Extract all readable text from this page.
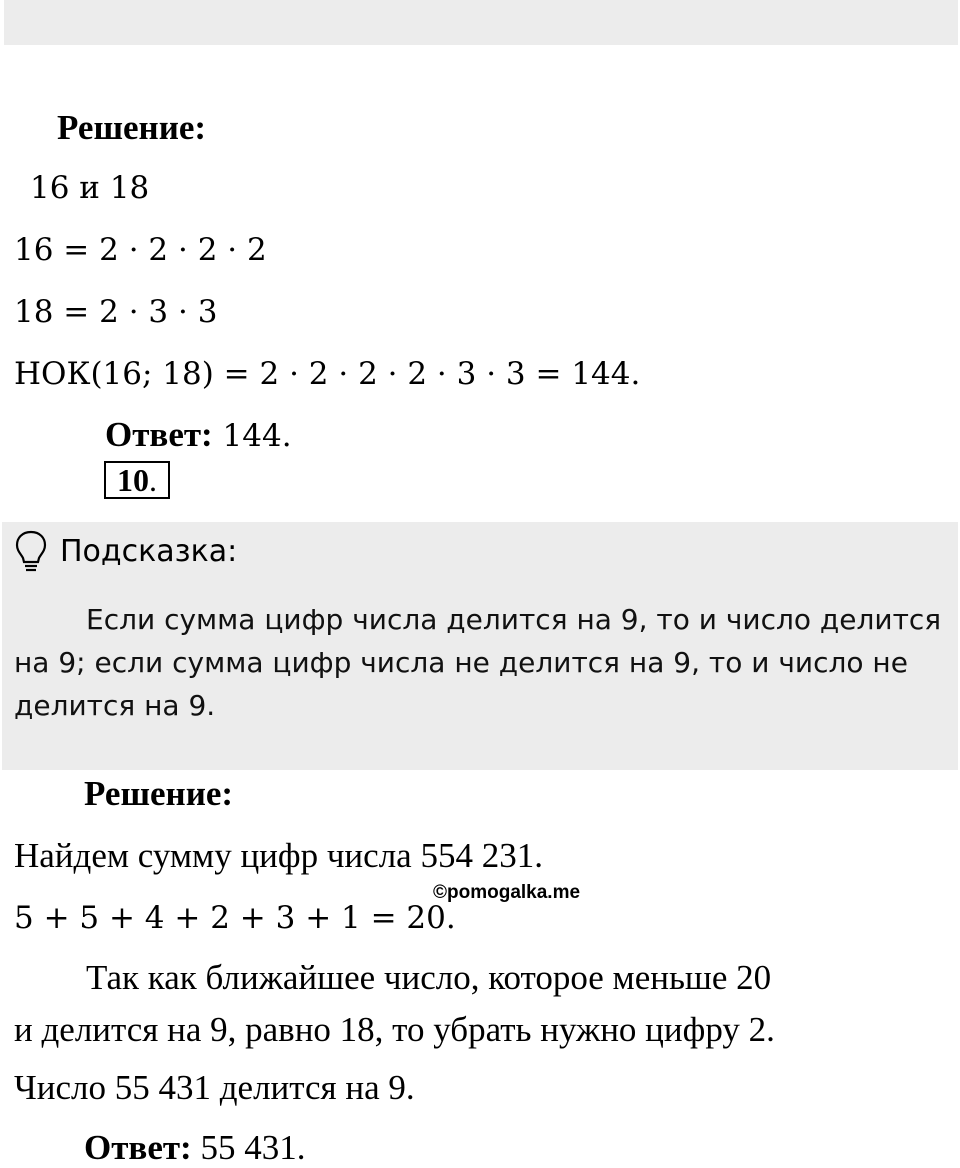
Решение:
16 и 18
16 = 2 · 2 · 2 · 2
18 = 2 · 3 · 3
НОК(16; 18) = 2 · 2 · 2 · 2 · 3 · 3 = 144.
Ответ: 144.
10.
Подсказка:
Если сумма цифр числа делится на 9, то и число делится на 9; если сумма цифр числа не делится на 9, то и число не делится на 9.
Решение:
Найдем сумму цифр числа 554 231.
5 + 5 + 4 + 2 + 3 + 1 = 20.
©pomogalka.me
Так как ближайшее число, которое меньше 20
и делится на 9, равно 18, то убрать нужно цифру 2.
Число 55 431 делится на 9.
Ответ: 55 431.
